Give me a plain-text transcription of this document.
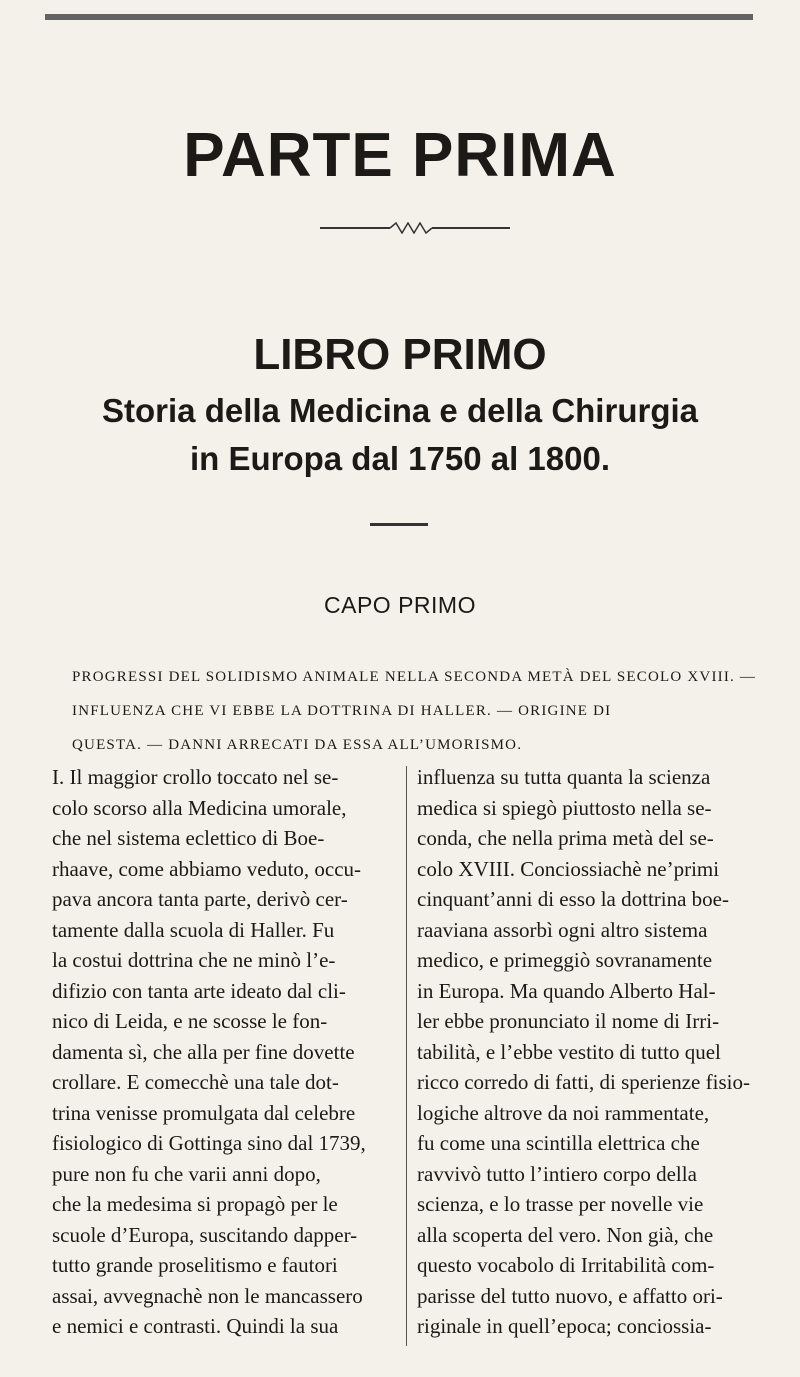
PARTE PRIMA
LIBRO PRIMO
Storia della Medicina e della Chirurgia
in Europa dal 1750 al 1800.
CAPO PRIMO
PROGRESSI DEL SOLIDISMO ANIMALE NELLA SECONDA METÀ DEL SECOLO XVIII. —
INFLUENZA CHE VI EBBE LA DOTTRINA DI HALLER. — ORIGINE DI
QUESTA. — DANNI ARRECATI DA ESSA ALL’UMORISMO.
I. Il maggior crollo toccato nel se-
colo scorso alla Medicina umorale,
che nel sistema eclettico di Boe-
rhaave, come abbiamo veduto, occu-
pava ancora tanta parte, derivò cer-
tamente dalla scuola di Haller. Fu
la costui dottrina che ne minò l’e-
difizio con tanta arte ideato dal cli-
nico di Leida, e ne scosse le fon-
damenta sì, che alla per fine dovette
crollare. E comecchè una tale dot-
trina venisse promulgata dal celebre
fisiologico di Gottinga sino dal 1739,
pure non fu che varii anni dopo,
che la medesima si propagò per le
scuole d’Europa, suscitando dapper-
tutto grande proselitismo e fautori
assai, avvegnachè non le mancassero
e nemici e contrasti. Quindi la sua
influenza su tutta quanta la scienza
medica si spiegò piuttosto nella se-
conda, che nella prima metà del se-
colo XVIII. Conciossiachè ne’primi
cinquant’anni di esso la dottrina boe-
raaviana assorbì ogni altro sistema
medico, e primeggiò sovranamente
in Europa. Ma quando Alberto Hal-
ler ebbe pronunciato il nome di Irri-
tabilità, e l’ebbe vestito di tutto quel
ricco corredo di fatti, di sperienze fisio-
logiche altrove da noi rammentate,
fu come una scintilla elettrica che
ravvivò tutto l’intiero corpo della
scienza, e lo trasse per novelle vie
alla scoperta del vero. Non già, che
questo vocabolo di Irritabilità com-
parisse del tutto nuovo, e affatto ori-
riginale in quell’epoca; conciossia-
